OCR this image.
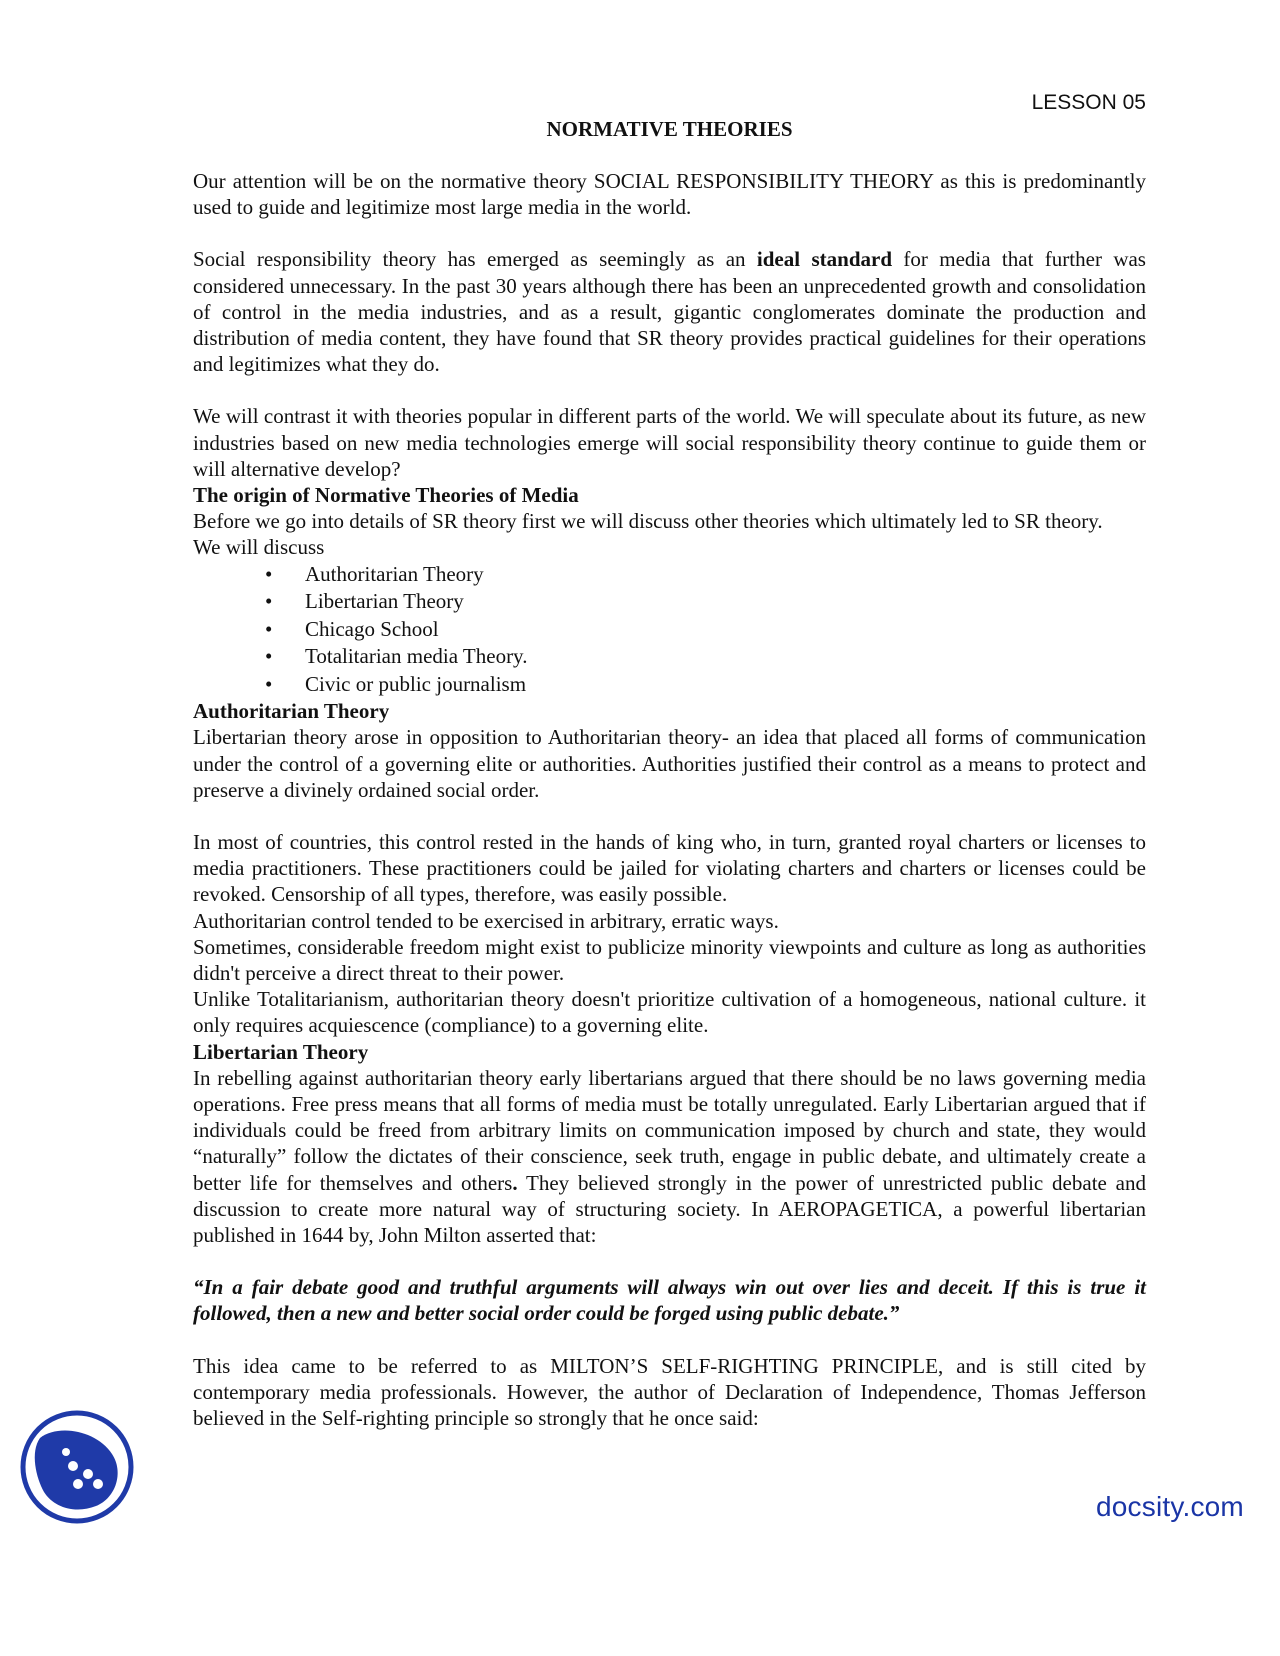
LESSON 05

NORMATIVE THEORIES

Our attention will be on the normative theory SOCIAL RESPONSIBILITY THEORY as this is predominantly used to guide and legitimize most large media in the world.

Social responsibility theory has emerged as seemingly as an ideal standard for media that further was considered unnecessary. In the past 30 years although there has been an unprecedented growth and consolidation of control in the media industries, and as a result, gigantic conglomerates dominate the production and distribution of media content, they have found that SR theory provides practical guidelines for their operations and legitimizes what they do.

We will contrast it with theories popular in different parts of the world. We will speculate about its future, as new industries based on new media technologies emerge will social responsibility theory continue to guide them or will alternative develop?

The origin of Normative Theories of Media

Before we go into details of SR theory first we will discuss other theories which ultimately led to SR theory.

We will discuss

• Authoritarian Theory
• Libertarian Theory
• Chicago School
• Totalitarian media Theory.
• Civic or public journalism

Authoritarian Theory

Libertarian theory arose in opposition to Authoritarian theory- an idea that placed all forms of communication under the control of a governing elite or authorities. Authorities justified their control as a means to protect and preserve a divinely ordained social order.

In most of countries, this control rested in the hands of king who, in turn, granted royal charters or licenses to media practitioners. These practitioners could be jailed for violating charters and charters or licenses could be revoked. Censorship of all types, therefore, was easily possible.

Authoritarian control tended to be exercised in arbitrary, erratic ways.

Sometimes, considerable freedom might exist to publicize minority viewpoints and culture as long as authorities didn't perceive a direct threat to their power.

Unlike Totalitarianism, authoritarian theory doesn't prioritize cultivation of a homogeneous, national culture. it only requires acquiescence (compliance) to a governing elite.

Libertarian Theory

In rebelling against authoritarian theory early libertarians argued that there should be no laws governing media operations. Free press means that all forms of media must be totally unregulated. Early Libertarian argued that if individuals could be freed from arbitrary limits on communication imposed by church and state, they would “naturally” follow the dictates of their conscience, seek truth, engage in public debate, and ultimately create a better life for themselves and others. They believed strongly in the power of unrestricted public debate and discussion to create more natural way of structuring society. In AEROPAGETICA, a powerful libertarian published in 1644 by, John Milton asserted that:

“In a fair debate good and truthful arguments will always win out over lies and deceit. If this is true it followed, then a new and better social order could be forged using public debate.”

This idea came to be referred to as MILTON’S SELF-RIGHTING PRINCIPLE, and is still cited by contemporary media professionals. However, the author of Declaration of Independence, Thomas Jefferson believed in the Self-righting principle so strongly that he once said:

docsity.com
